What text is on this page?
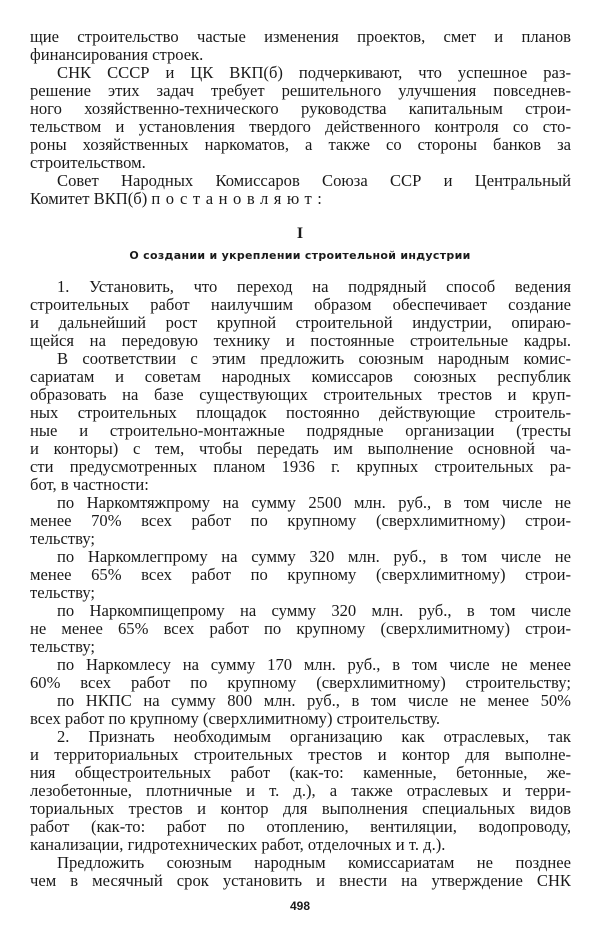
щие строительство частые изменения проектов, смет и планов
финансирования строек.
СНК СССР и ЦК ВКП(б) подчеркивают, что успешное раз-
решение этих задач требует решительного улучшения повседнев-
ного хозяйственно-технического руководства капитальным строи-
тельством и установления твердого действенного контроля со сто-
роны хозяйственных наркоматов, а также со стороны банков за
строительством.
Совет Народных Комиссаров Союза ССР и Центральный
Комитет ВКП(б) постановляют:
I
О создании и укреплении строительной индустрии
1. Установить, что переход на подрядный способ ведения
строительных работ наилучшим образом обеспечивает создание
и дальнейший рост крупной строительной индустрии, опираю-
щейся на передовую технику и постоянные строительные кадры.
В соответствии с этим предложить союзным народным комис-
сариатам и советам народных комиссаров союзных республик
образовать на базе существующих строительных трестов и круп-
ных строительных площадок постоянно действующие строитель-
ные и строительно-монтажные подрядные организации (тресты
и конторы) с тем, чтобы передать им выполнение основной ча-
сти предусмотренных планом 1936 г. крупных строительных ра-
бот, в частности:
по Наркомтяжпрому на сумму 2500 млн. руб., в том числе не
менее 70% всех работ по крупному (сверхлимитному) строи-
тельству;
по Наркомлегпрому на сумму 320 млн. руб., в том числе не
менее 65% всех работ по крупному (сверхлимитному) строи-
тельству;
по Наркомпищепрому на сумму 320 млн. руб., в том числе
не менее 65% всех работ по крупному (сверхлимитному) строи-
тельству;
по Наркомлесу на сумму 170 млн. руб., в том числе не менее
60% всех работ по крупному (сверхлимитному) строительству;
по НКПС на сумму 800 млн. руб., в том числе не менее 50%
всех работ по крупному (сверхлимитному) строительству.
2. Признать необходимым организацию как отраслевых, так
и территориальных строительных трестов и контор для выполне-
ния общестроительных работ (как-то: каменные, бетонные, же-
лезобетонные, плотничные и т. д.), а также отраслевых и терри-
ториальных трестов и контор для выполнения специальных видов
работ (как-то: работ по отоплению, вентиляции, водопроводу,
канализации, гидротехнических работ, отделочных и т. д.).
Предложить союзным народным комиссариатам не позднее
чем в месячный срок установить и внести на утверждение СНК
498
